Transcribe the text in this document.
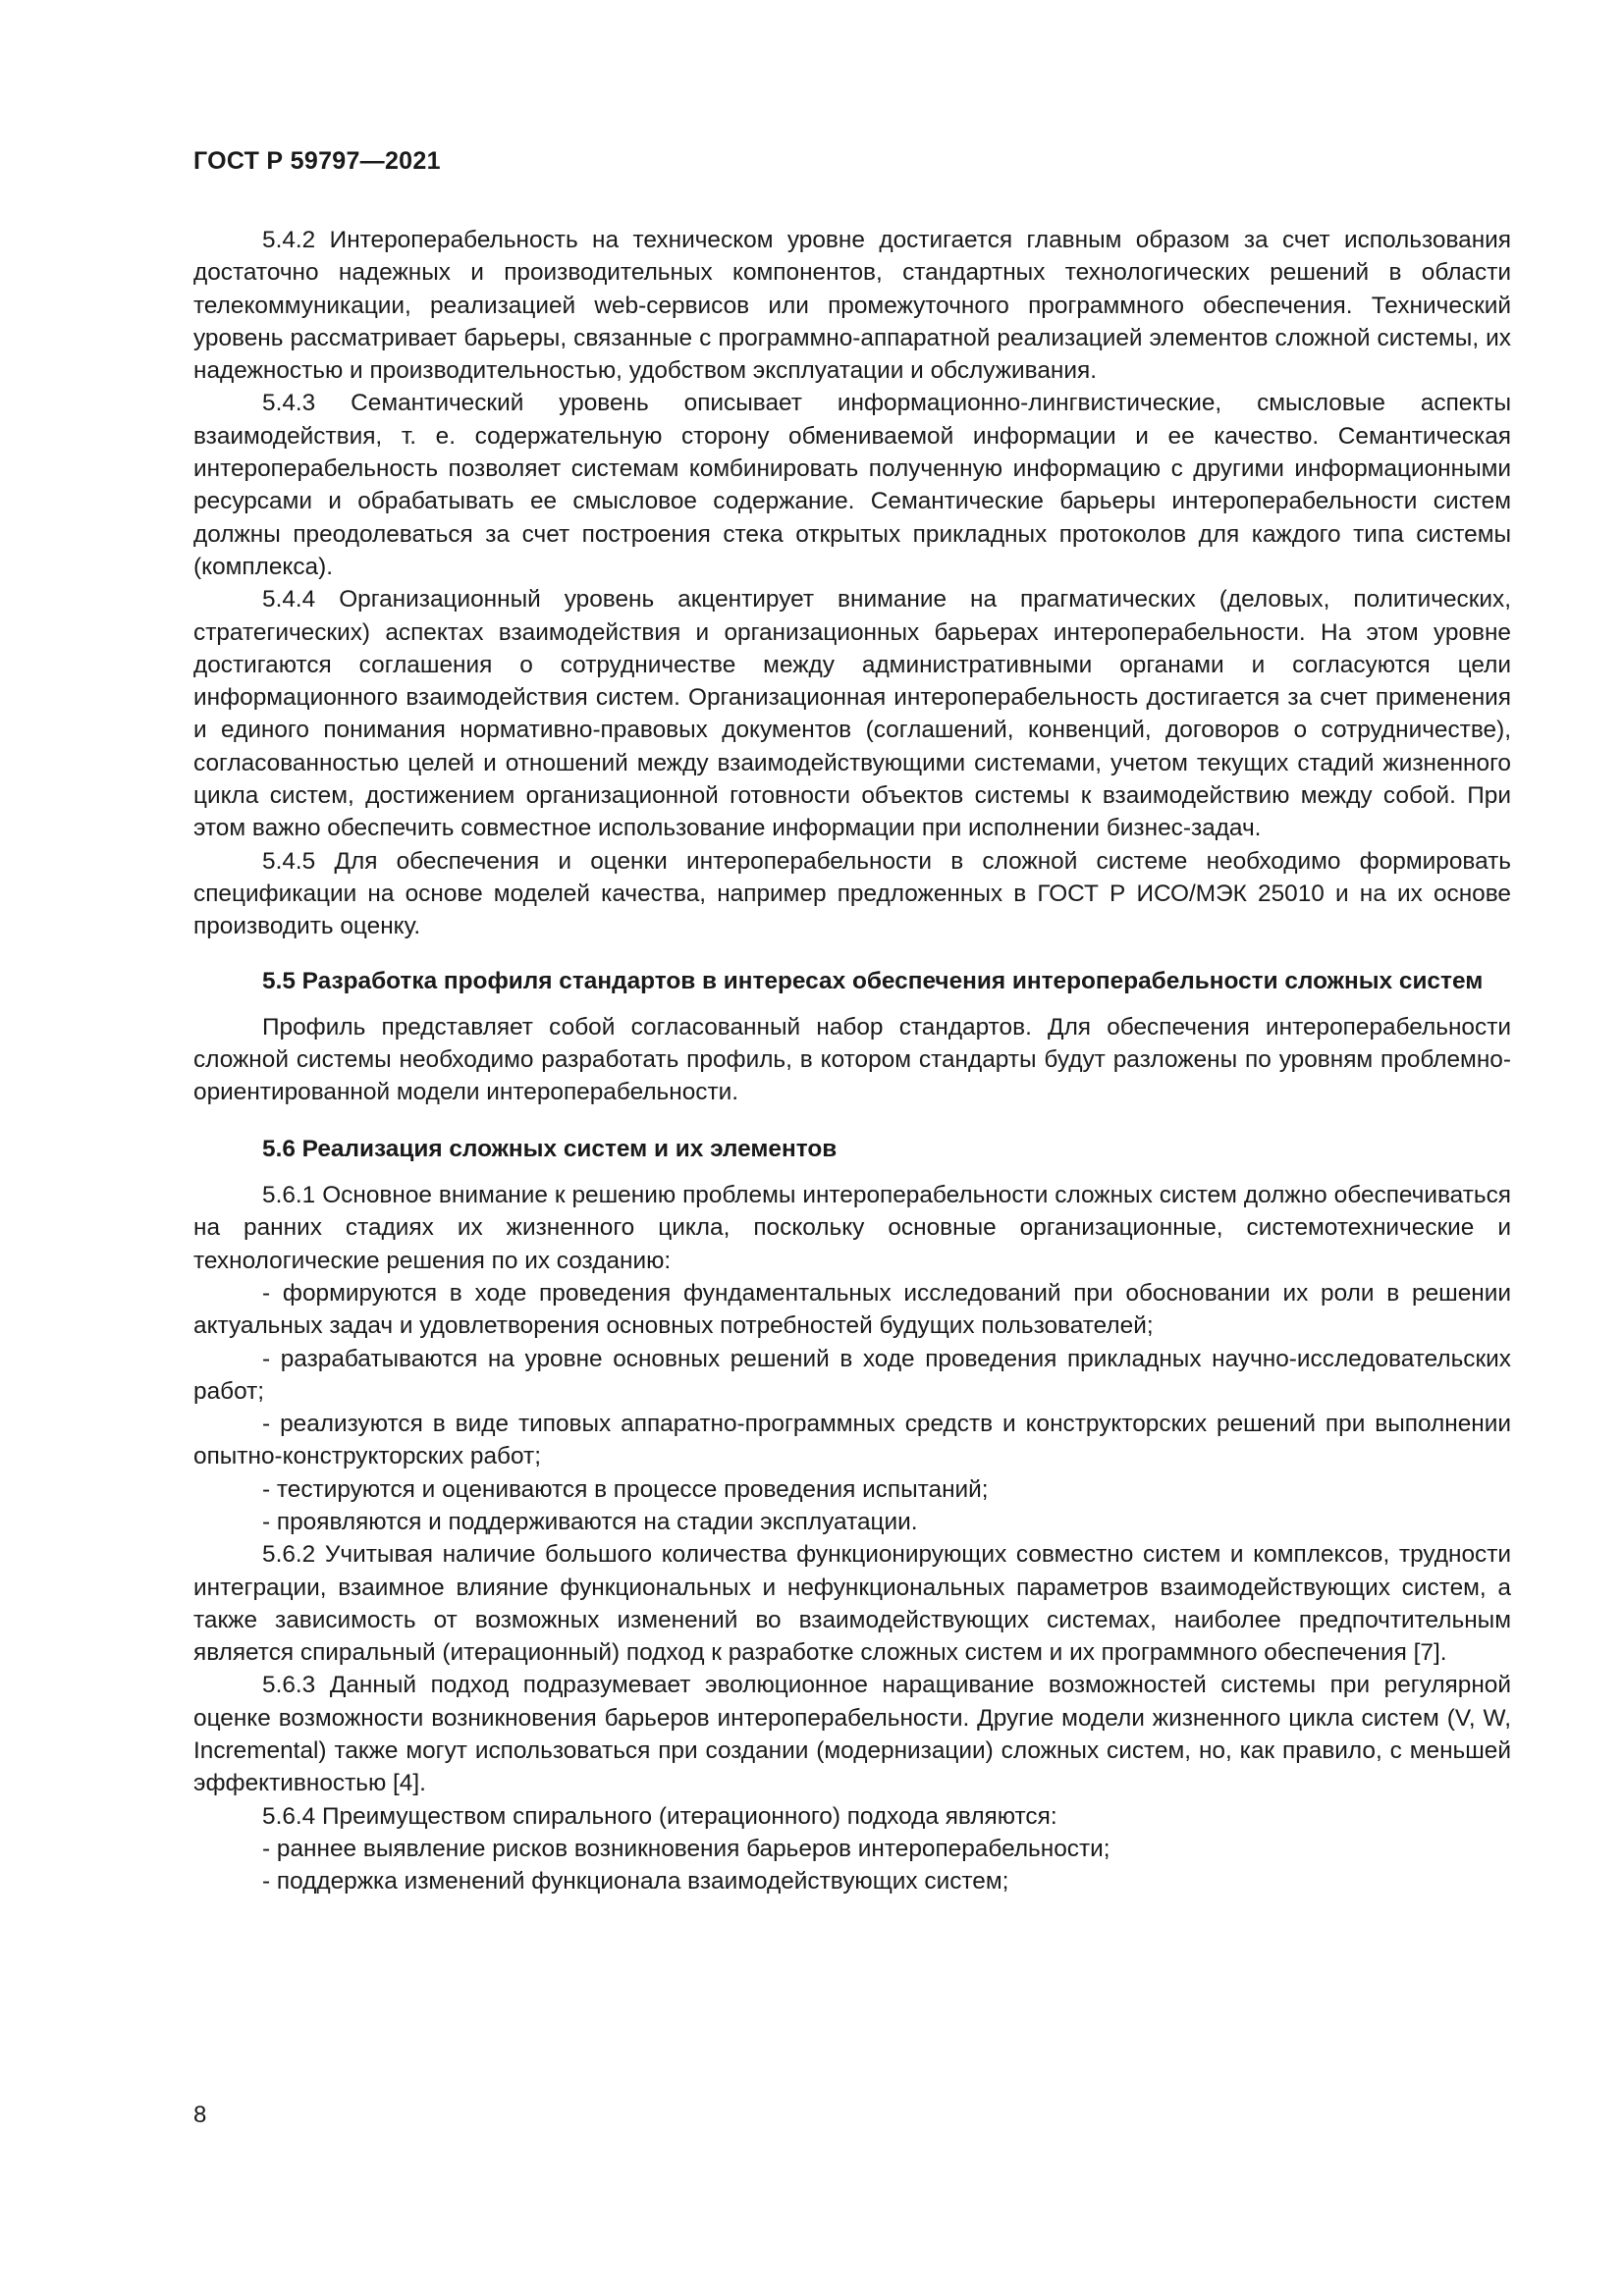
ГОСТ Р 59797—2021

5.4.2 Интероперабельность на техническом уровне достигается главным образом за счет использования достаточно надежных и производительных компонентов, стандартных технологических решений в области телекоммуникации, реализацией web-сервисов или промежуточного программного обеспечения. Технический уровень рассматривает барьеры, связанные с программно-аппаратной реализацией элементов сложной системы, их надежностью и производительностью, удобством эксплуатации и обслуживания.

5.4.3 Семантический уровень описывает информационно-лингвистические, смысловые аспекты взаимодействия, т. е. содержательную сторону обмениваемой информации и ее качество. Семантическая интероперабельность позволяет системам комбинировать полученную информацию с другими информационными ресурсами и обрабатывать ее смысловое содержание. Семантические барьеры интероперабельности систем должны преодолеваться за счет построения стека открытых прикладных протоколов для каждого типа системы (комплекса).

5.4.4 Организационный уровень акцентирует внимание на прагматических (деловых, политических, стратегических) аспектах взаимодействия и организационных барьерах интероперабельности. На этом уровне достигаются соглашения о сотрудничестве между административными органами и согласуются цели информационного взаимодействия систем. Организационная интероперабельность достигается за счет применения и единого понимания нормативно-правовых документов (соглашений, конвенций, договоров о сотрудничестве), согласованностью целей и отношений между взаимодействующими системами, учетом текущих стадий жизненного цикла систем, достижением организационной готовности объектов системы к взаимодействию между собой. При этом важно обеспечить совместное использование информации при исполнении бизнес-задач.

5.4.5 Для обеспечения и оценки интероперабельности в сложной системе необходимо формировать спецификации на основе моделей качества, например предложенных в ГОСТ Р ИСО/МЭК 25010 и на их основе производить оценку.

5.5 Разработка профиля стандартов в интересах обеспечения интероперабельности сложных систем

Профиль представляет собой согласованный набор стандартов. Для обеспечения интероперабельности сложной системы необходимо разработать профиль, в котором стандарты будут разложены по уровням проблемно-ориентированной модели интероперабельности.

5.6 Реализация сложных систем и их элементов

5.6.1 Основное внимание к решению проблемы интероперабельности сложных систем должно обеспечиваться на ранних стадиях их жизненного цикла, поскольку основные организационные, системотехнические и технологические решения по их созданию:

- формируются в ходе проведения фундаментальных исследований при обосновании их роли в решении актуальных задач и удовлетворения основных потребностей будущих пользователей;

- разрабатываются на уровне основных решений в ходе проведения прикладных научно-исследовательских работ;

- реализуются в виде типовых аппаратно-программных средств и конструкторских решений при выполнении опытно-конструкторских работ;

- тестируются и оцениваются в процессе проведения испытаний;

- проявляются и поддерживаются на стадии эксплуатации.

5.6.2 Учитывая наличие большого количества функционирующих совместно систем и комплексов, трудности интеграции, взаимное влияние функциональных и нефункциональных параметров взаимодействующих систем, а также зависимость от возможных изменений во взаимодействующих системах, наиболее предпочтительным является спиральный (итерационный) подход к разработке сложных систем и их программного обеспечения [7].

5.6.3 Данный подход подразумевает эволюционное наращивание возможностей системы при регулярной оценке возможности возникновения барьеров интероперабельности. Другие модели жизненного цикла систем (V, W, Incremental) также могут использоваться при создании (модернизации) сложных систем, но, как правило, с меньшей эффективностью [4].

5.6.4 Преимуществом спирального (итерационного) подхода являются:

- раннее выявление рисков возникновения барьеров интероперабельности;

- поддержка изменений функционала взаимодействующих систем;

8
